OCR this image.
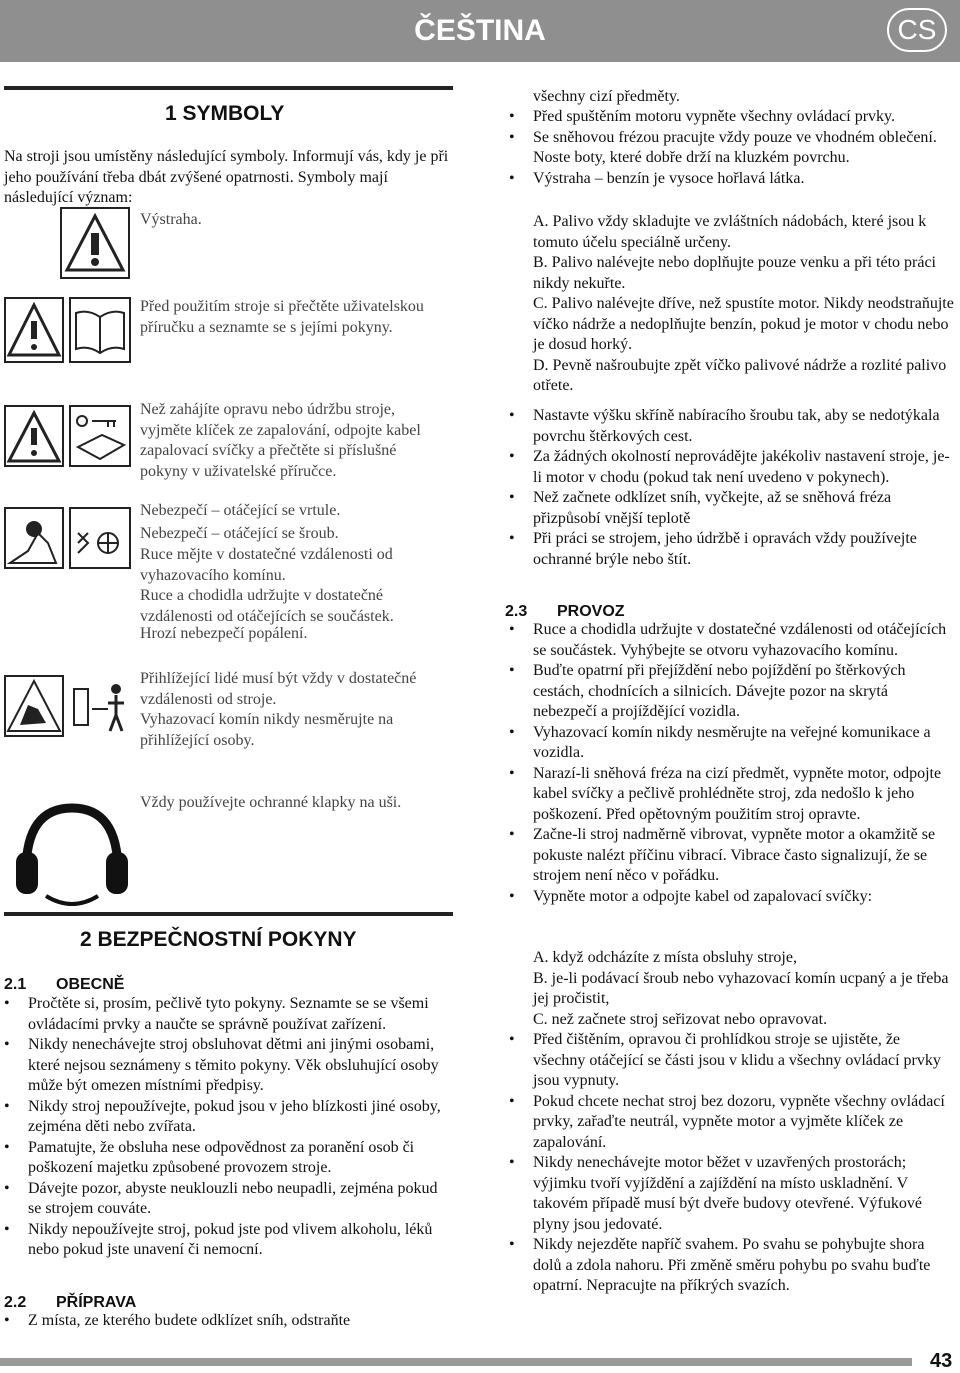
ČEŠTINA	CS
1 SYMBOLY
Na stroji jsou umístěny následující symboly. Informují vás, kdy je při jeho používání třeba dbát zvýšené opatrnosti. Symboly mají následující význam:
Výstraha.
Před použitím stroje si přečtěte uživatelskou příručku a seznamte se s jejími pokyny.
Než zahájíte opravu nebo údržbu stroje, vyjměte klíček ze zapalování, odpojte kabel zapalovací svíčky a přečtěte si příslušné pokyny v uživatelské příručce.
Nebezpečí – otáčející se vrtule.
Nebezpečí – otáčející se šroub.
Ruce mějte v dostatečné vzdálenosti od vyhazovacího komínu.
Ruce a chodidla udržujte v dostatečné vzdálenosti od otáčejících se součástek.
Hrozí nebezpečí popálení.
Přihlížející lidé musí být vždy v dostatečné vzdálenosti od stroje.
Vyhazovací komín nikdy nesměrujte na přihlížející osoby.
Vždy používejte ochranné klapky na uši.
2 BEZPEČNOSTNÍ POKYNY
2.1 OBECNĚ
• Pročtěte si, prosím, pečlivě tyto pokyny. Seznamte se se všemi ovládacími prvky a naučte se správně používat zařízení.
• Nikdy nenechávejte stroj obsluhovat dětmi ani jinými osobami, které nejsou seznámeny s těmito pokyny. Věk obsluhující osoby může být omezen místními předpisy.
• Nikdy stroj nepoužívejte, pokud jsou v jeho blízkosti jiné osoby, zejména děti nebo zvířata.
• Pamatujte, že obsluha nese odpovědnost za poranění osob či poškození majetku způsobené provozem stroje.
• Dávejte pozor, abyste neuklouzli nebo neupadli, zejména pokud se strojem couváte.
• Nikdy nepoužívejte stroj, pokud jste pod vlivem alkoholu, léků nebo pokud jste unavení či nemocní.
2.2 PŘÍPRAVA
• Z místa, ze kterého budete odklízet sníh, odstraňte
všechny cizí předměty.
• Před spuštěním motoru vypněte všechny ovládací prvky.
• Se sněhovou frézou pracujte vždy pouze ve vhodném oblečení. Noste boty, které dobře drží na kluzkém povrchu.
• Výstraha – benzín je vysoce hořlavá látka.
A. Palivo vždy skladujte ve zvláštních nádobách, které jsou k tomuto účelu speciálně určeny.
B. Palivo nalévejte nebo doplňujte pouze venku a při této práci nikdy nekuřte.
C. Palivo nalévejte dříve, než spustíte motor. Nikdy neodstraňujte víčko nádrže a nedoplňujte benzín, pokud je motor v chodu nebo je dosud horký.
D. Pevně našroubujte zpět víčko palivové nádrže a rozlité palivo otřete.
• Nastavte výšku skříně nabíracího šroubu tak, aby se nedotýkala povrchu štěrkových cest.
• Za žádných okolností neprovádějte jakékoliv nastavení stroje, je-li motor v chodu (pokud tak není uvedeno v pokynech).
• Než začnete odklízet sníh, vyčkejte, až se sněhová fréza přizpůsobí vnější teplotě
• Při práci se strojem, jeho údržbě i opravách vždy používejte ochranné brýle nebo štít.
2.3 PROVOZ
• Ruce a chodidla udržujte v dostatečné vzdálenosti od otáčejících se součástek. Vyhýbejte se otvoru vyhazovacího komínu.
• Buďte opatrní při přejíždění nebo pojíždění po štěrkových cestách, chodnících a silnicích. Dávejte pozor na skrytá nebezpečí a projíždějící vozidla.
• Vyhazovací komín nikdy nesměrujte na veřejné komunikace a vozidla.
• Narazí-li sněhová fréza na cizí předmět, vypněte motor, odpojte kabel svíčky a pečlivě prohlédněte stroj, zda nedošlo k jeho poškození. Před opětovným použitím stroj opravte.
• Začne-li stroj nadměrně vibrovat, vypněte motor a okamžitě se pokuste nalézt příčinu vibrací. Vibrace často signalizují, že se strojem není něco v pořádku.
• Vypněte motor a odpojte kabel od zapalovací svíčky:
A. když odcházíte z místa obsluhy stroje,
B. je-li podávací šroub nebo vyhazovací komín ucpaný a je třeba jej pročistit,
C. než začnete stroj seřizovat nebo opravovat.
• Před čištěním, opravou či prohlídkou stroje se ujistěte, že všechny otáčející se části jsou v klidu a všechny ovládací prvky jsou vypnuty.
• Pokud chcete nechat stroj bez dozoru, vypněte všechny ovládací prvky, zařaďte neutrál, vypněte motor a vyjměte klíček ze zapalování.
• Nikdy nenechávejte motor běžet v uzavřených prostorách; výjimku tvoří vyjíždění a zajíždění na místo uskladnění. V takovém případě musí být dveře budovy otevřené. Výfukové plyny jsou jedovaté.
• Nikdy nejezděte napříč svahem. Po svahu se pohybujte shora dolů a zdola nahoru. Při změně směru pohybu po svahu buďte opatrní. Nepracujte na příkrých svazích.
43
